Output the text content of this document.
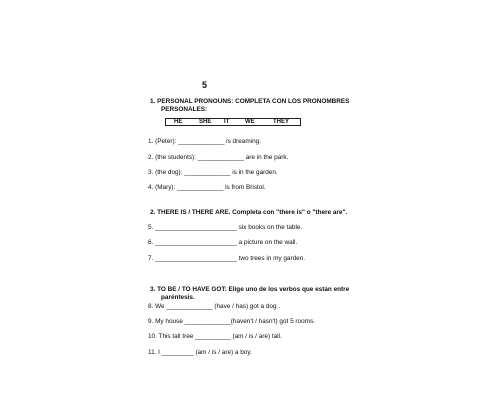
5
1. PERSONAL PRONOUNS: COMPLETA CON LOS PRONOMBRES
PERSONALES:
HE	SHE IT	WE	THEY
1. (Peter): _____________ is dreaming.
2. (the students): _____________ are in the park.
3. (the dog): _____________ is in the garden.
4. (Mary): _____________ is from Bristol.
2. THERE IS / THERE ARE. Completa con "there is" o "there are".
5. _______________________ six books on the table.
6. _______________________ a picture on the wall.
7. _______________________ two trees in my garden.
3. TO BE / TO HAVE GOT: Elige uno de los verbos que están entre
paréntesis.
8. We _____________ (have / has) got a dog .
9. My house _____________(haven't / hasn't) got 5 rooms.
10. This tall tree __________ (am / is / are) tall.
11. I _________ (am / is / are) a boy.
